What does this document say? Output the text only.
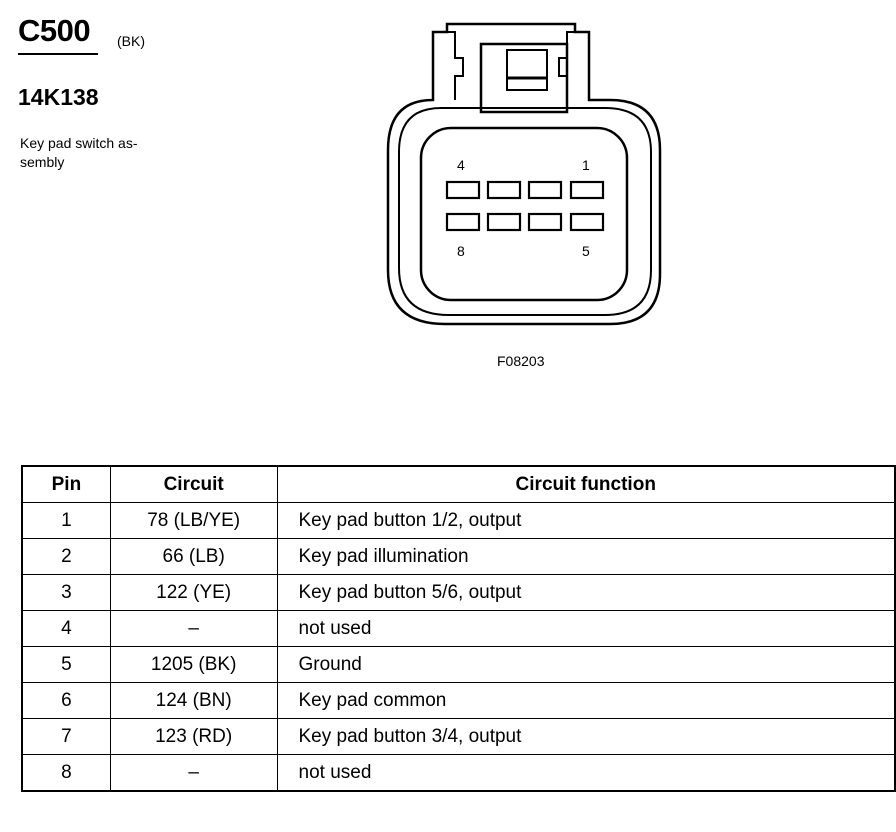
C500 (BK)
14K138
Key pad switch as-
sembly	4	1
8	5
F08203
Pin	Circuit	Circuit function
1	78 (LB/YE)	Key pad button 1/2, output
2	66 (LB)	Key pad illumination
3	122 (YE)	Key pad button 5/6, output
4	–	not used
5	1205 (BK)	Ground
6	124 (BN)	Key pad common
7	123 (RD)	Key pad button 3/4, output
8	–	not used
